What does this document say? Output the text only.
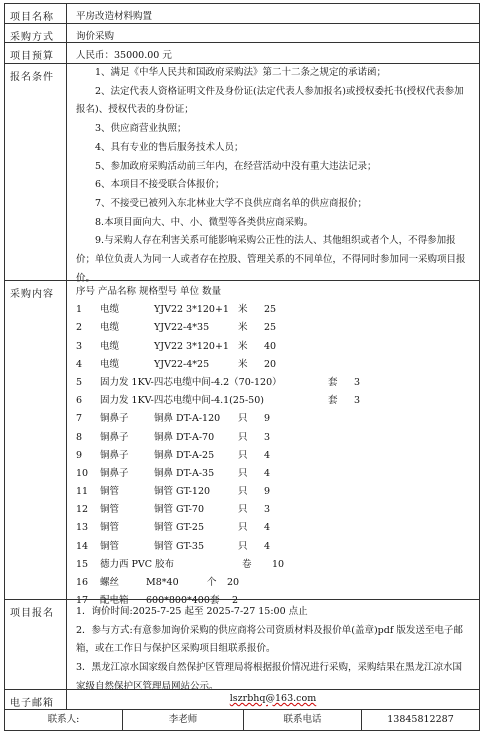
项目名称	平房改造材料购置
采购方式	询价采购
项目预算	人民币：35000.00 元
报名条件	1、满足《中华人民共和国政府采购法》第二十二条之规定的承诺函；

2、法定代表人资格证明文件及身份证(法定代表人参加报名)或授权委托书(授权代表参加报名)、授权代表的身份证；

3、供应商营业执照；

4、具有专业的售后服务技术人员；

5、参加政府采购活动前三年内，在经营活动中没有重大违法记录；

6、本项目不接受联合体报价；

7、不接受已被列入东北林业大学不良供应商名单的供应商报价；

8.本项目面向大、中、小、微型等各类供应商采购。

9.与采购人存在利害关系可能影响采购公正性的法人、其他组织或者个人，不得参加报价；单位负责人为同一人或者存在控股、管理关系的不同单位，不得同时参加同一采购项目报价。

采购内容	序号 产品名称 规格型号 单位 数量
1 电缆	YJV22 3*120+1 米 25
2 电缆	YJV22-4*35	米 25
3 电缆	YJV22 3*120+1 米 40
4 电缆	YJV22-4*25	米 20
5 固力发 1KV-四芯电缆中间-4.2（70-120）	套 3
6 固力发 1KV-四芯电缆中间-4.1(25-50)	套 3
7 铜鼻子	铜鼻 DT-A-120 只 9
8 铜鼻子	铜鼻 DT-A-70	只 3
9 铜鼻子	铜鼻 DT-A-25	只 4
10 铜鼻子	铜鼻 DT-A-35	只 4
11 铜管	铜管 GT-120	只 9
12 铜管	铜管 GT-70	只 3
13 铜管	铜管 GT-25	只 4
14 铜管	铜管 GT-35	只 4
15 德力西 PVC 胶布	卷 10
16 螺丝	M8*40	个 20
17 配电箱 600*800*400 套 2
项目报名	1．询价时间:2025-7-25 起至 2025-7-27 15:00 点止

2．参与方式:有意参加询价采购的供应商将公司资质材料及报价单(盖章)pdf 版发送至电子邮箱，或在工作日与保护区采购项目组联系报价。

3．黑龙江凉水国家级自然保护区管理局将根据报价情况进行采购，采购结果在黑龙江凉水国家级自然保护区管理局网站公示。

电子邮箱	lszrbhq@163.com
联系人:	李老师	联系电话	13845812287
